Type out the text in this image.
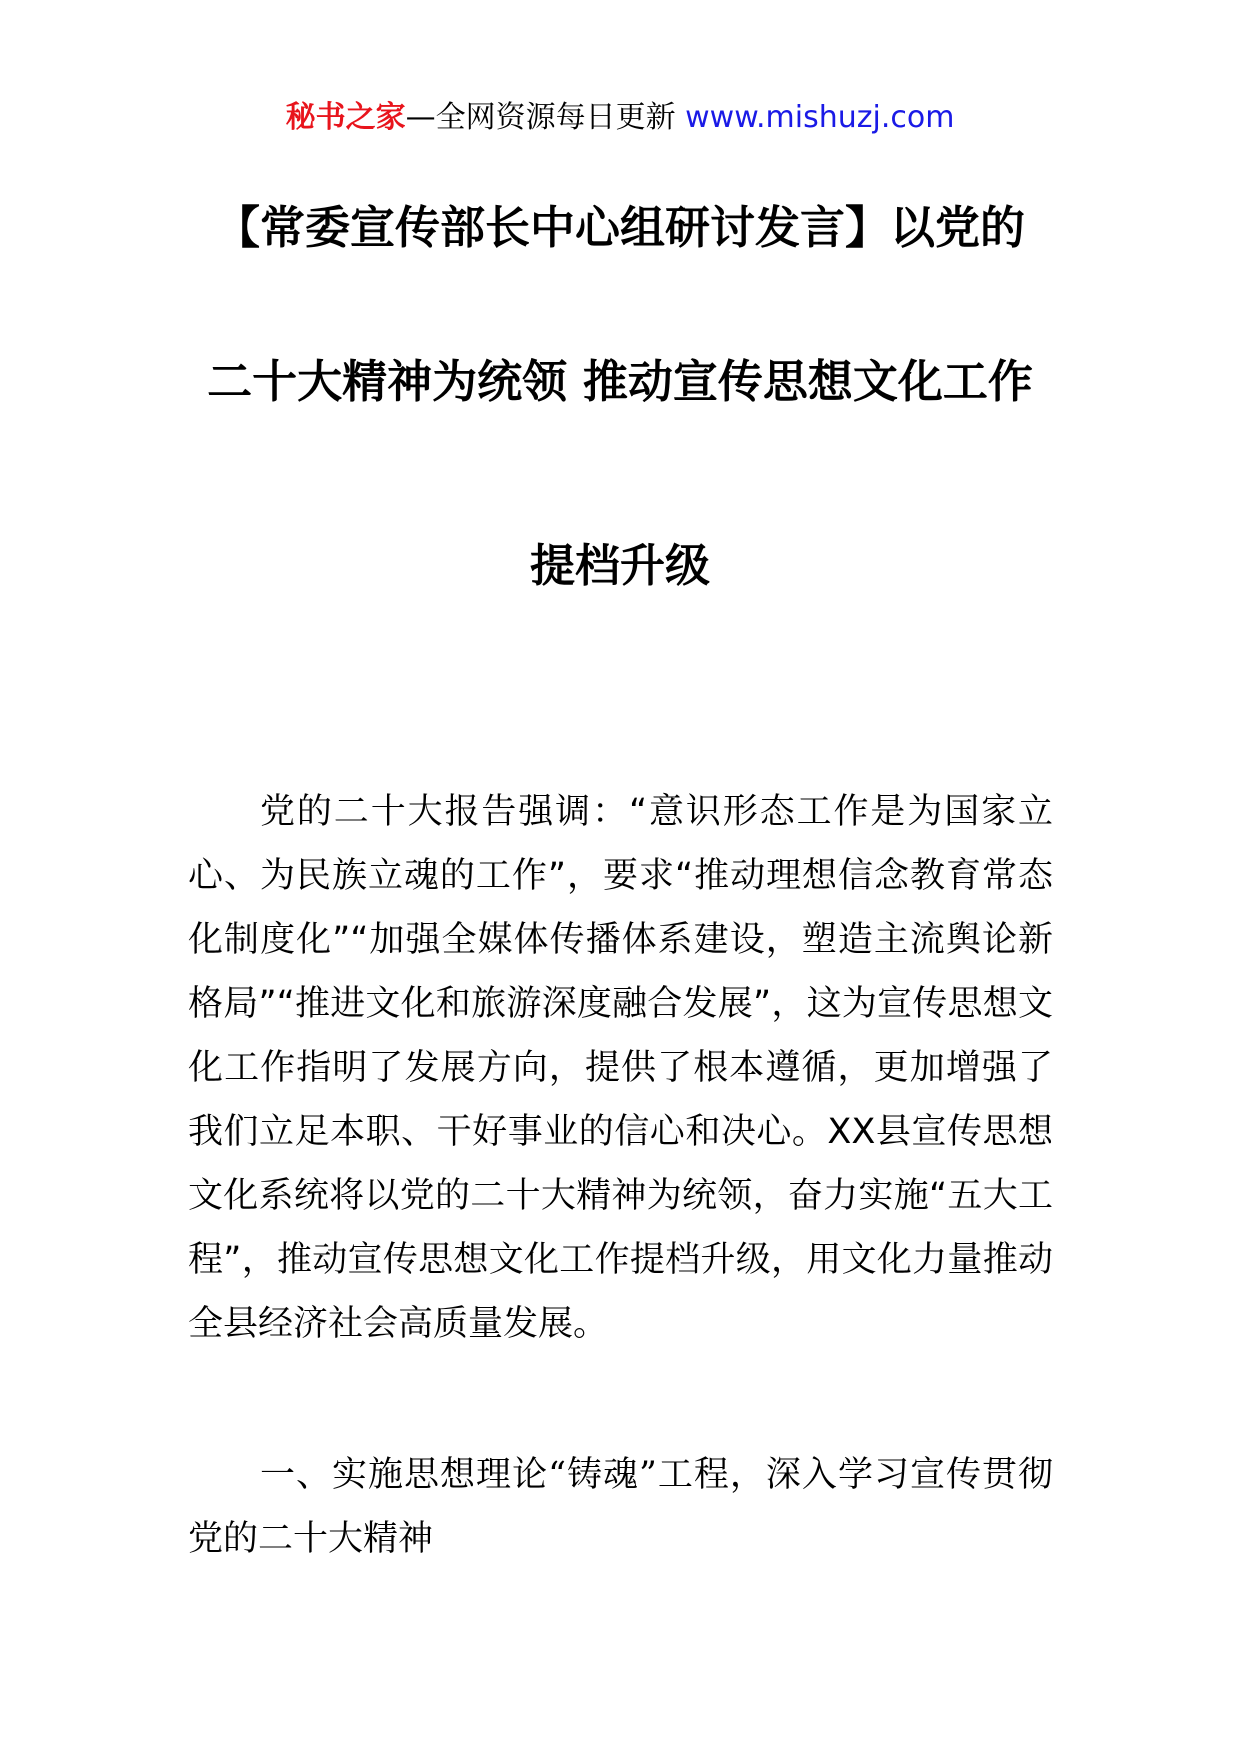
秘书之家—全网资源每日更新 www.mishuzj.com
【常委宣传部长中心组研讨发言】以党的
二十大精神为统领 推动宣传思想文化工作
提档升级

党的二十大报告强调：“意识形态工作是为国家立心、为民族立魂的工作”，要求“推动理想信念教育常态化制度化”“加强全媒体传播体系建设，塑造主流舆论新格局”“推进文化和旅游深度融合发展”，这为宣传思想文化工作指明了发展方向，提供了根本遵循，更加增强了我们立足本职、干好事业的信心和决心。XX县宣传思想文化系统将以党的二十大精神为统领，奋力实施“五大工程”，推动宣传思想文化工作提档升级，用文化力量推动全县经济社会高质量发展。

一、实施思想理论“铸魂”工程，深入学习宣传贯彻党的二十大精神
